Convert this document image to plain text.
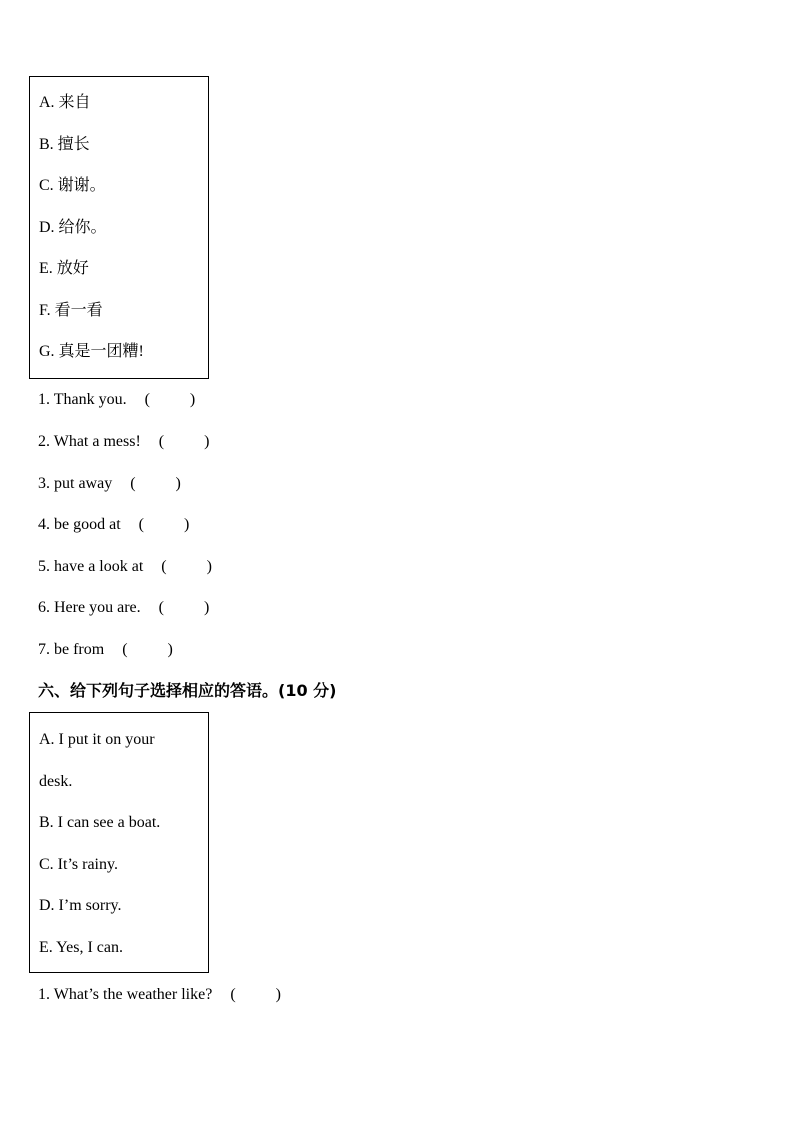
A. 来自
B. 擅长
C. 谢谢。
D. 给你。
E. 放好
F. 看一看
G. 真是一团糟!
1. Thank you. (          )
2. What a mess! (          )
3. put away (          )
4. be good at (          )
5. have a look at (          )
6. Here you are. (          )
7. be from (          )
六、给下列句子选择相应的答语。(10 分)
A. I put it on your
desk.
B. I can see a boat.
C. It’s rainy.
D. I’m sorry.
E. Yes, I can.
1. What’s the weather like? (          )
